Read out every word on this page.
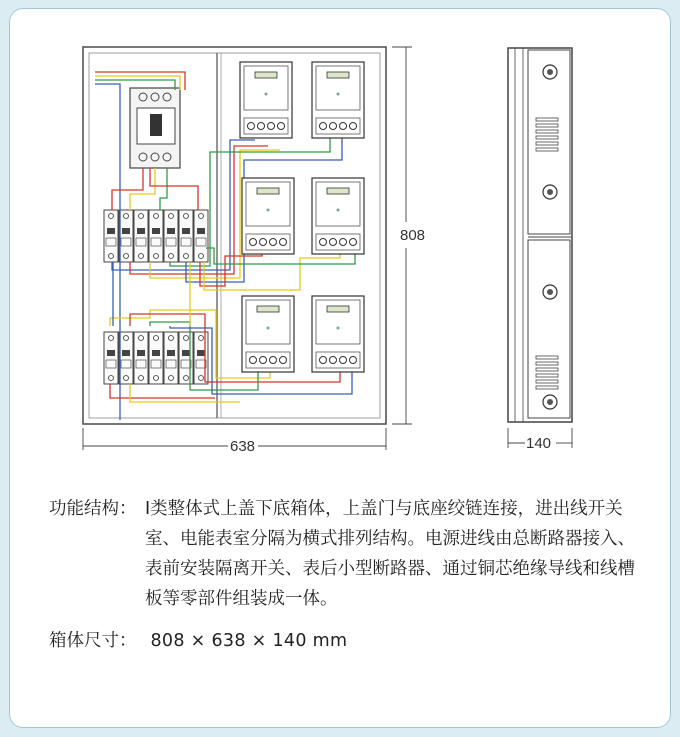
638
808
140
功能结构： Ⅰ类整体式上盖下底箱体，上盖门与底座绞链连接，进出线开关室、电能表室分隔为横式排列结构。电源进线由总断路器接入、表前安装隔离开关、表后小型断路器、通过铜芯绝缘导线和线槽板等零部件组装成一体。
箱体尺寸： 808 × 638 × 140 mm
